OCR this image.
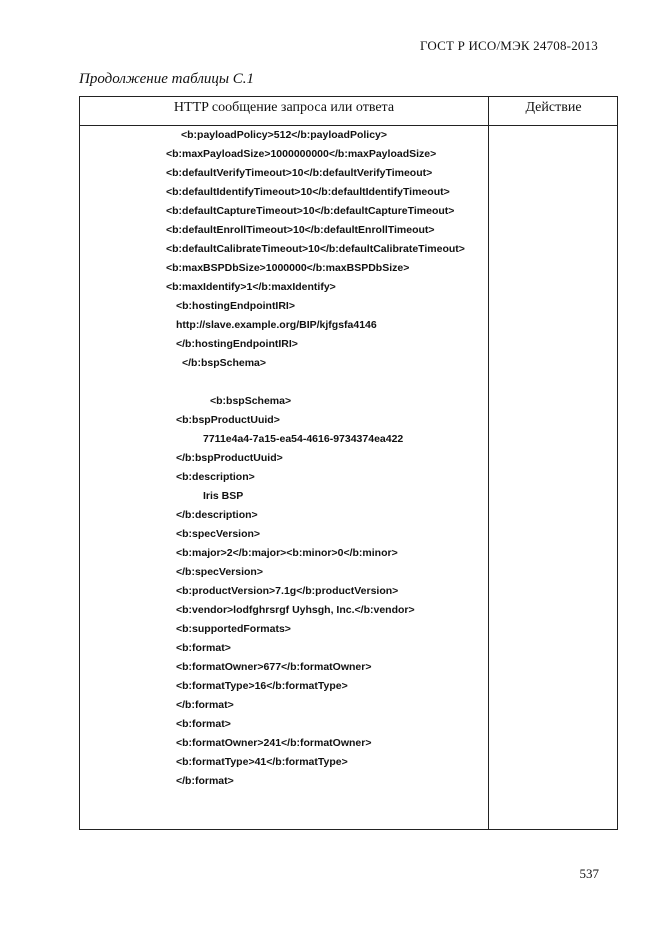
ГОСТ Р ИСО/МЭК 24708-2013
Продолжение таблицы С.1
HTTP сообщение запроса или ответа	Действие
<b:payloadPolicy>512</b:payloadPolicy>
<b:maxPayloadSize>1000000000</b:maxPayloadSize>
<b:defaultVerifyTimeout>10</b:defaultVerifyTimeout>
<b:defaultIdentifyTimeout>10</b:defaultIdentifyTimeout>
<b:defaultCaptureTimeout>10</b:defaultCaptureTimeout>
<b:defaultEnrollTimeout>10</b:defaultEnrollTimeout>
<b:defaultCalibrateTimeout>10</b:defaultCalibrateTimeout>
<b:maxBSPDbSize>1000000</b:maxBSPDbSize>
<b:maxIdentify>1</b:maxIdentify>
<b:hostingEndpointIRI>
http://slave.example.org/BIP/kjfgsfa4146
</b:hostingEndpointIRI>
</b:bspSchema>
<b:bspSchema>
<b:bspProductUuid>
7711e4a4-7a15-ea54-4616-9734374ea422
</b:bspProductUuid>
<b:description>
Iris BSP
</b:description>
<b:specVersion>
<b:major>2</b:major><b:minor>0</b:minor>
</b:specVersion>
<b:productVersion>7.1g</b:productVersion>
<b:vendor>lodfghrsrgf Uyhsgh, Inc.</b:vendor>
<b:supportedFormats>
<b:format>
<b:formatOwner>677</b:formatOwner>
<b:formatType>16</b:formatType>
</b:format>
<b:format>
<b:formatOwner>241</b:formatOwner>
<b:formatType>41</b:formatType>
</b:format>
537
